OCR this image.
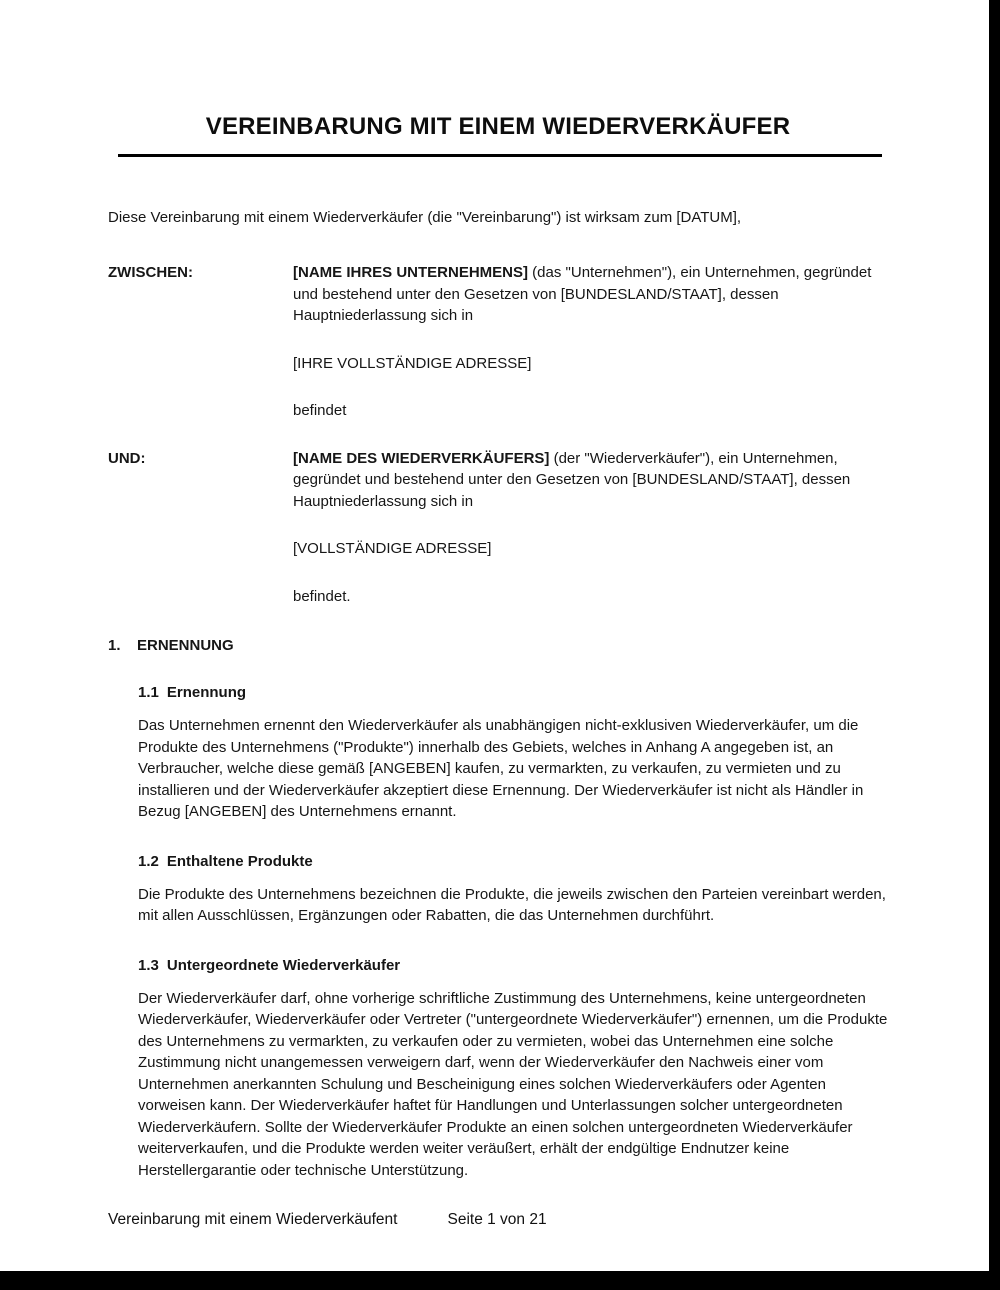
VEREINBARUNG MIT EINEM WIEDERVERKÄUFER

Diese Vereinbarung mit einem Wiederverkäufer (die "Vereinbarung") ist wirksam zum [DATUM],

ZWISCHEN:	[NAME IHRES UNTERNEHMENS] (das "Unternehmen"), ein Unternehmen, gegründet und bestehend unter den Gesetzen von [BUNDESLAND/STAAT], dessen Hauptniederlassung sich in

[IHRE VOLLSTÄNDIGE ADRESSE]

befindet

UND:	[NAME DES WIEDERVERKÄUFERS] (der "Wiederverkäufer"), ein Unternehmen, gegründet und bestehend unter den Gesetzen von [BUNDESLAND/STAAT], dessen Hauptniederlassung sich in

[VOLLSTÄNDIGE ADRESSE]

befindet.

1. ERNENNUNG
1.1 Ernennung

Das Unternehmen ernennt den Wiederverkäufer als unabhängigen nicht-exklusiven Wiederverkäufer, um die Produkte des Unternehmens ("Produkte") innerhalb des Gebiets, welches in Anhang A angegeben ist, an Verbraucher, welche diese gemäß [ANGEBEN] kaufen, zu vermarkten, zu verkaufen, zu vermieten und zu installieren und der Wiederverkäufer akzeptiert diese Ernennung. Der Wiederverkäufer ist nicht als Händler in Bezug [ANGEBEN] des Unternehmens ernannt.

1.2 Enthaltene Produkte

Die Produkte des Unternehmens bezeichnen die Produkte, die jeweils zwischen den Parteien vereinbart werden, mit allen Ausschlüssen, Ergänzungen oder Rabatten, die das Unternehmen durchführt.

1.3 Untergeordnete Wiederverkäufer

Der Wiederverkäufer darf, ohne vorherige schriftliche Zustimmung des Unternehmens, keine untergeordneten Wiederverkäufer, Wiederverkäufer oder Vertreter ("untergeordnete Wiederverkäufer") ernennen, um die Produkte des Unternehmens zu vermarkten, zu verkaufen oder zu vermieten, wobei das Unternehmen eine solche Zustimmung nicht unangemessen verweigern darf, wenn der Wiederverkäufer den Nachweis einer vom Unternehmen anerkannten Schulung und Bescheinigung eines solchen Wiederverkäufers oder Agenten vorweisen kann. Der Wiederverkäufer haftet für Handlungen und Unterlassungen solcher untergeordneten Wiederverkäufern. Sollte der Wiederverkäufer Produkte an einen solchen untergeordneten Wiederverkäufer weiterverkaufen, und die Produkte werden weiter veräußert, erhält der endgültige Endnutzer keine Herstellergarantie oder technische Unterstützung.

Vereinbarung mit einem Wiederverkäufent	Seite 1 von 21
